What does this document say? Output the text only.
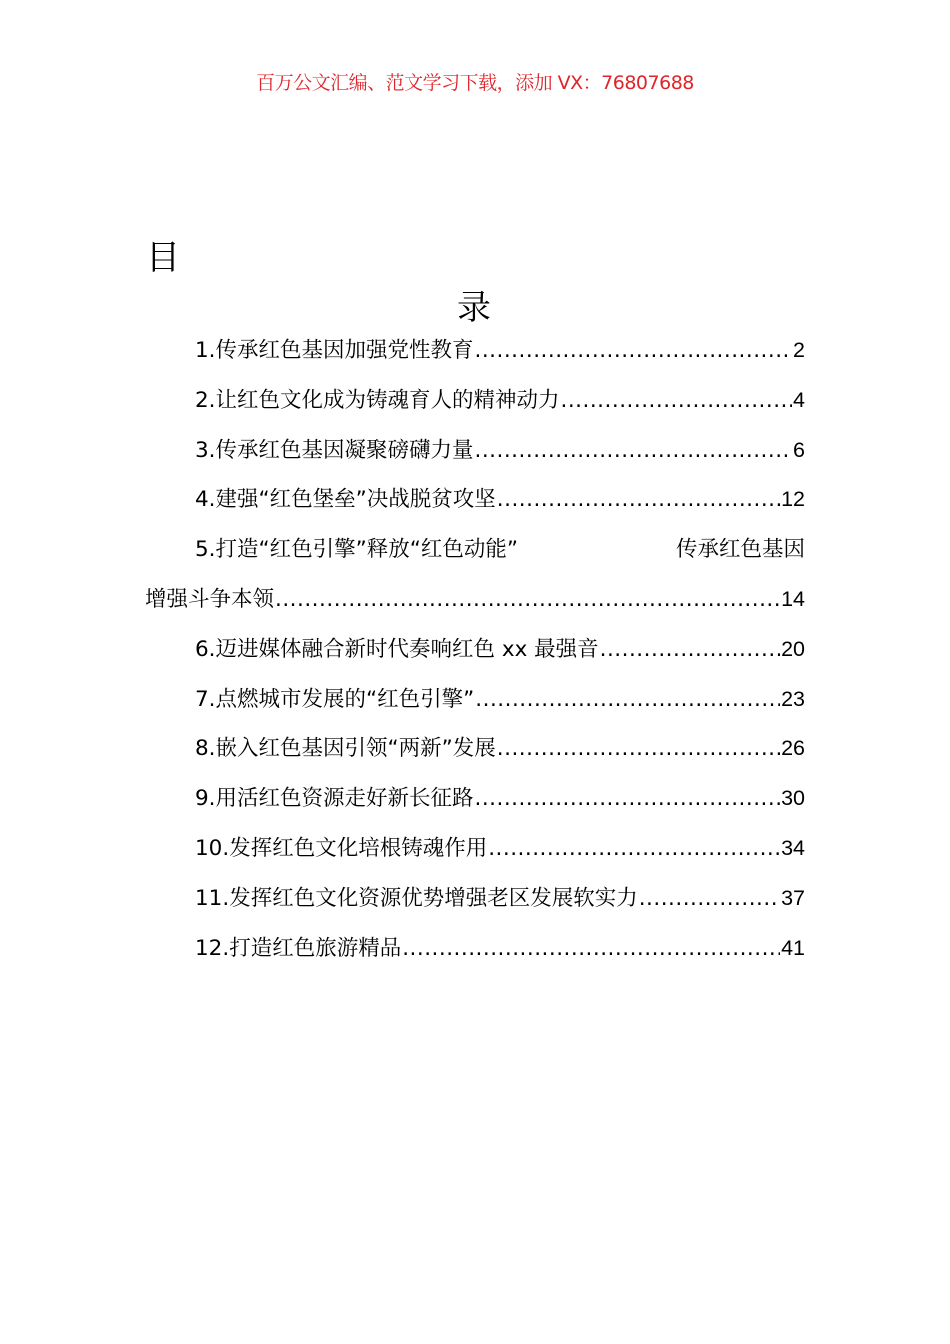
百万公文汇编、范文学习下载，添加 VX：76807688
目
录
1.传承红色基因加强党性教育 .....	2
2.让红色文化成为铸魂育人的精神动力 .....	4
3.传承红色基因凝聚磅礴力量 .....	6
4.建强“红色堡垒”决战脱贫攻坚 .....	12
5.打造“红色引擎”释放“红色动能”	传承红色基因
增强斗争本领 .....	14
6.迈进媒体融合新时代奏响红色 xx 最强音 .....	20
7.点燃城市发展的“红色引擎” .....	23
8.嵌入红色基因引领“两新”发展 .....	26
9.用活红色资源走好新长征路 .....	30
10.发挥红色文化培根铸魂作用 .....	34
11.发挥红色文化资源优势增强老区发展软实力 .....	37
12.打造红色旅游精品 .....	41
